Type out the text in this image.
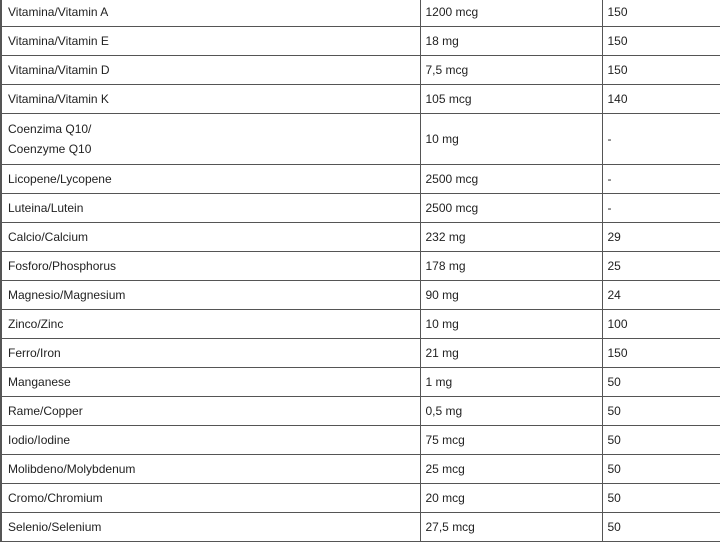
Vitamina/Vitamin A	1200 mcg	150

Vitamina/Vitamin E	18 mg	150

Vitamina/Vitamin D	7,5 mcg	150

Vitamina/Vitamin K	105 mcg	140

Coenzima Q10/
Coenzyme Q10	10 mg	-

Licopene/Lycopene	2500 mcg	-

Luteina/Lutein	2500 mcg	-

Calcio/Calcium	232 mg	29

Fosforo/Phosphorus	178 mg	25

Magnesio/Magnesium	90 mg	24

Zinco/Zinc	10 mg	100

Ferro/Iron	21 mg	150

Manganese	1 mg	50

Rame/Copper	0,5 mg	50

Iodio/Iodine	75 mcg	50

Molibdeno/Molybdenum	25 mcg	50

Cromo/Chromium	20 mcg	50

Selenio/Selenium	27,5 mcg	50
